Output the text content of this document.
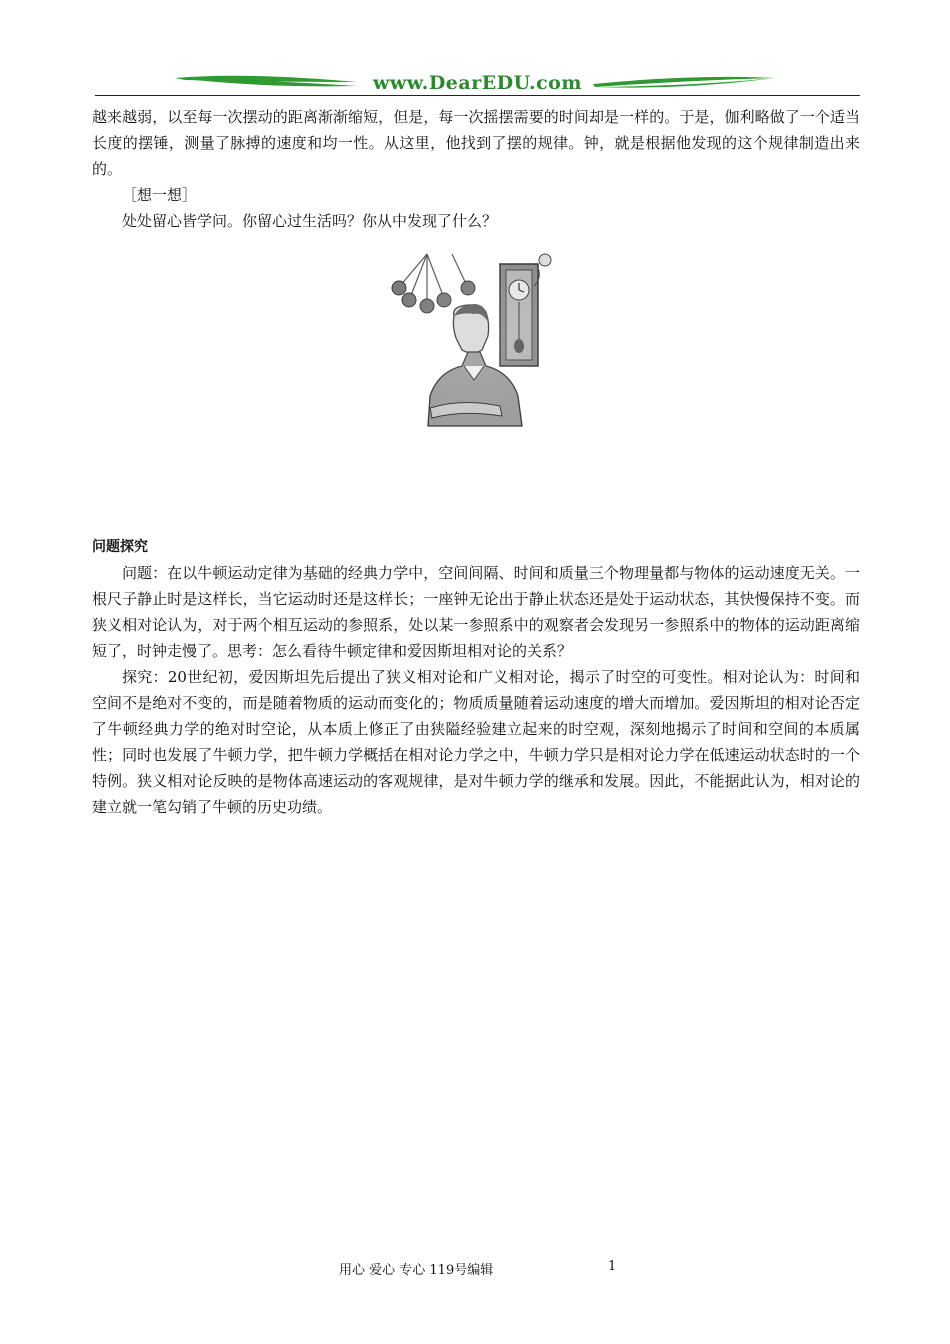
www.DearEDU.com

越来越弱，以至每一次摆动的距离渐渐缩短，但是，每一次摇摆需要的时间却是一样的。于是，伽利略做了一个适当长度的摆锤，测量了脉搏的速度和均一性。从这里，他找到了摆的规律。钟，就是根据他发现的这个规律制造出来的。

［想一想］

处处留心皆学问。你留心过生活吗？你从中发现了什么？

问题探究

问题：在以牛顿运动定律为基础的经典力学中，空间间隔、时间和质量三个物理量都与物体的运动速度无关。一根尺子静止时是这样长，当它运动时还是这样长；一座钟无论出于静止状态还是处于运动状态，其快慢保持不变。而狭义相对论认为，对于两个相互运动的参照系，处以某一参照系中的观察者会发现另一参照系中的物体的运动距离缩短了，时钟走慢了。思考：怎么看待牛顿定律和爱因斯坦相对论的关系？

探究：20世纪初，爱因斯坦先后提出了狭义相对论和广义相对论，揭示了时空的可变性。相对论认为：时间和空间不是绝对不变的，而是随着物质的运动而变化的；物质质量随着运动速度的增大而增加。爱因斯坦的相对论否定了牛顿经典力学的绝对时空论，从本质上修正了由狭隘经验建立起来的时空观，深刻地揭示了时间和空间的本质属性；同时也发展了牛顿力学，把牛顿力学概括在相对论力学之中，牛顿力学只是相对论力学在低速运动状态时的一个特例。狭义相对论反映的是物体高速运动的客观规律，是对牛顿力学的继承和发展。因此，不能据此认为，相对论的建立就一笔勾销了牛顿的历史功绩。

用心 爱心 专心 119号编辑	1
